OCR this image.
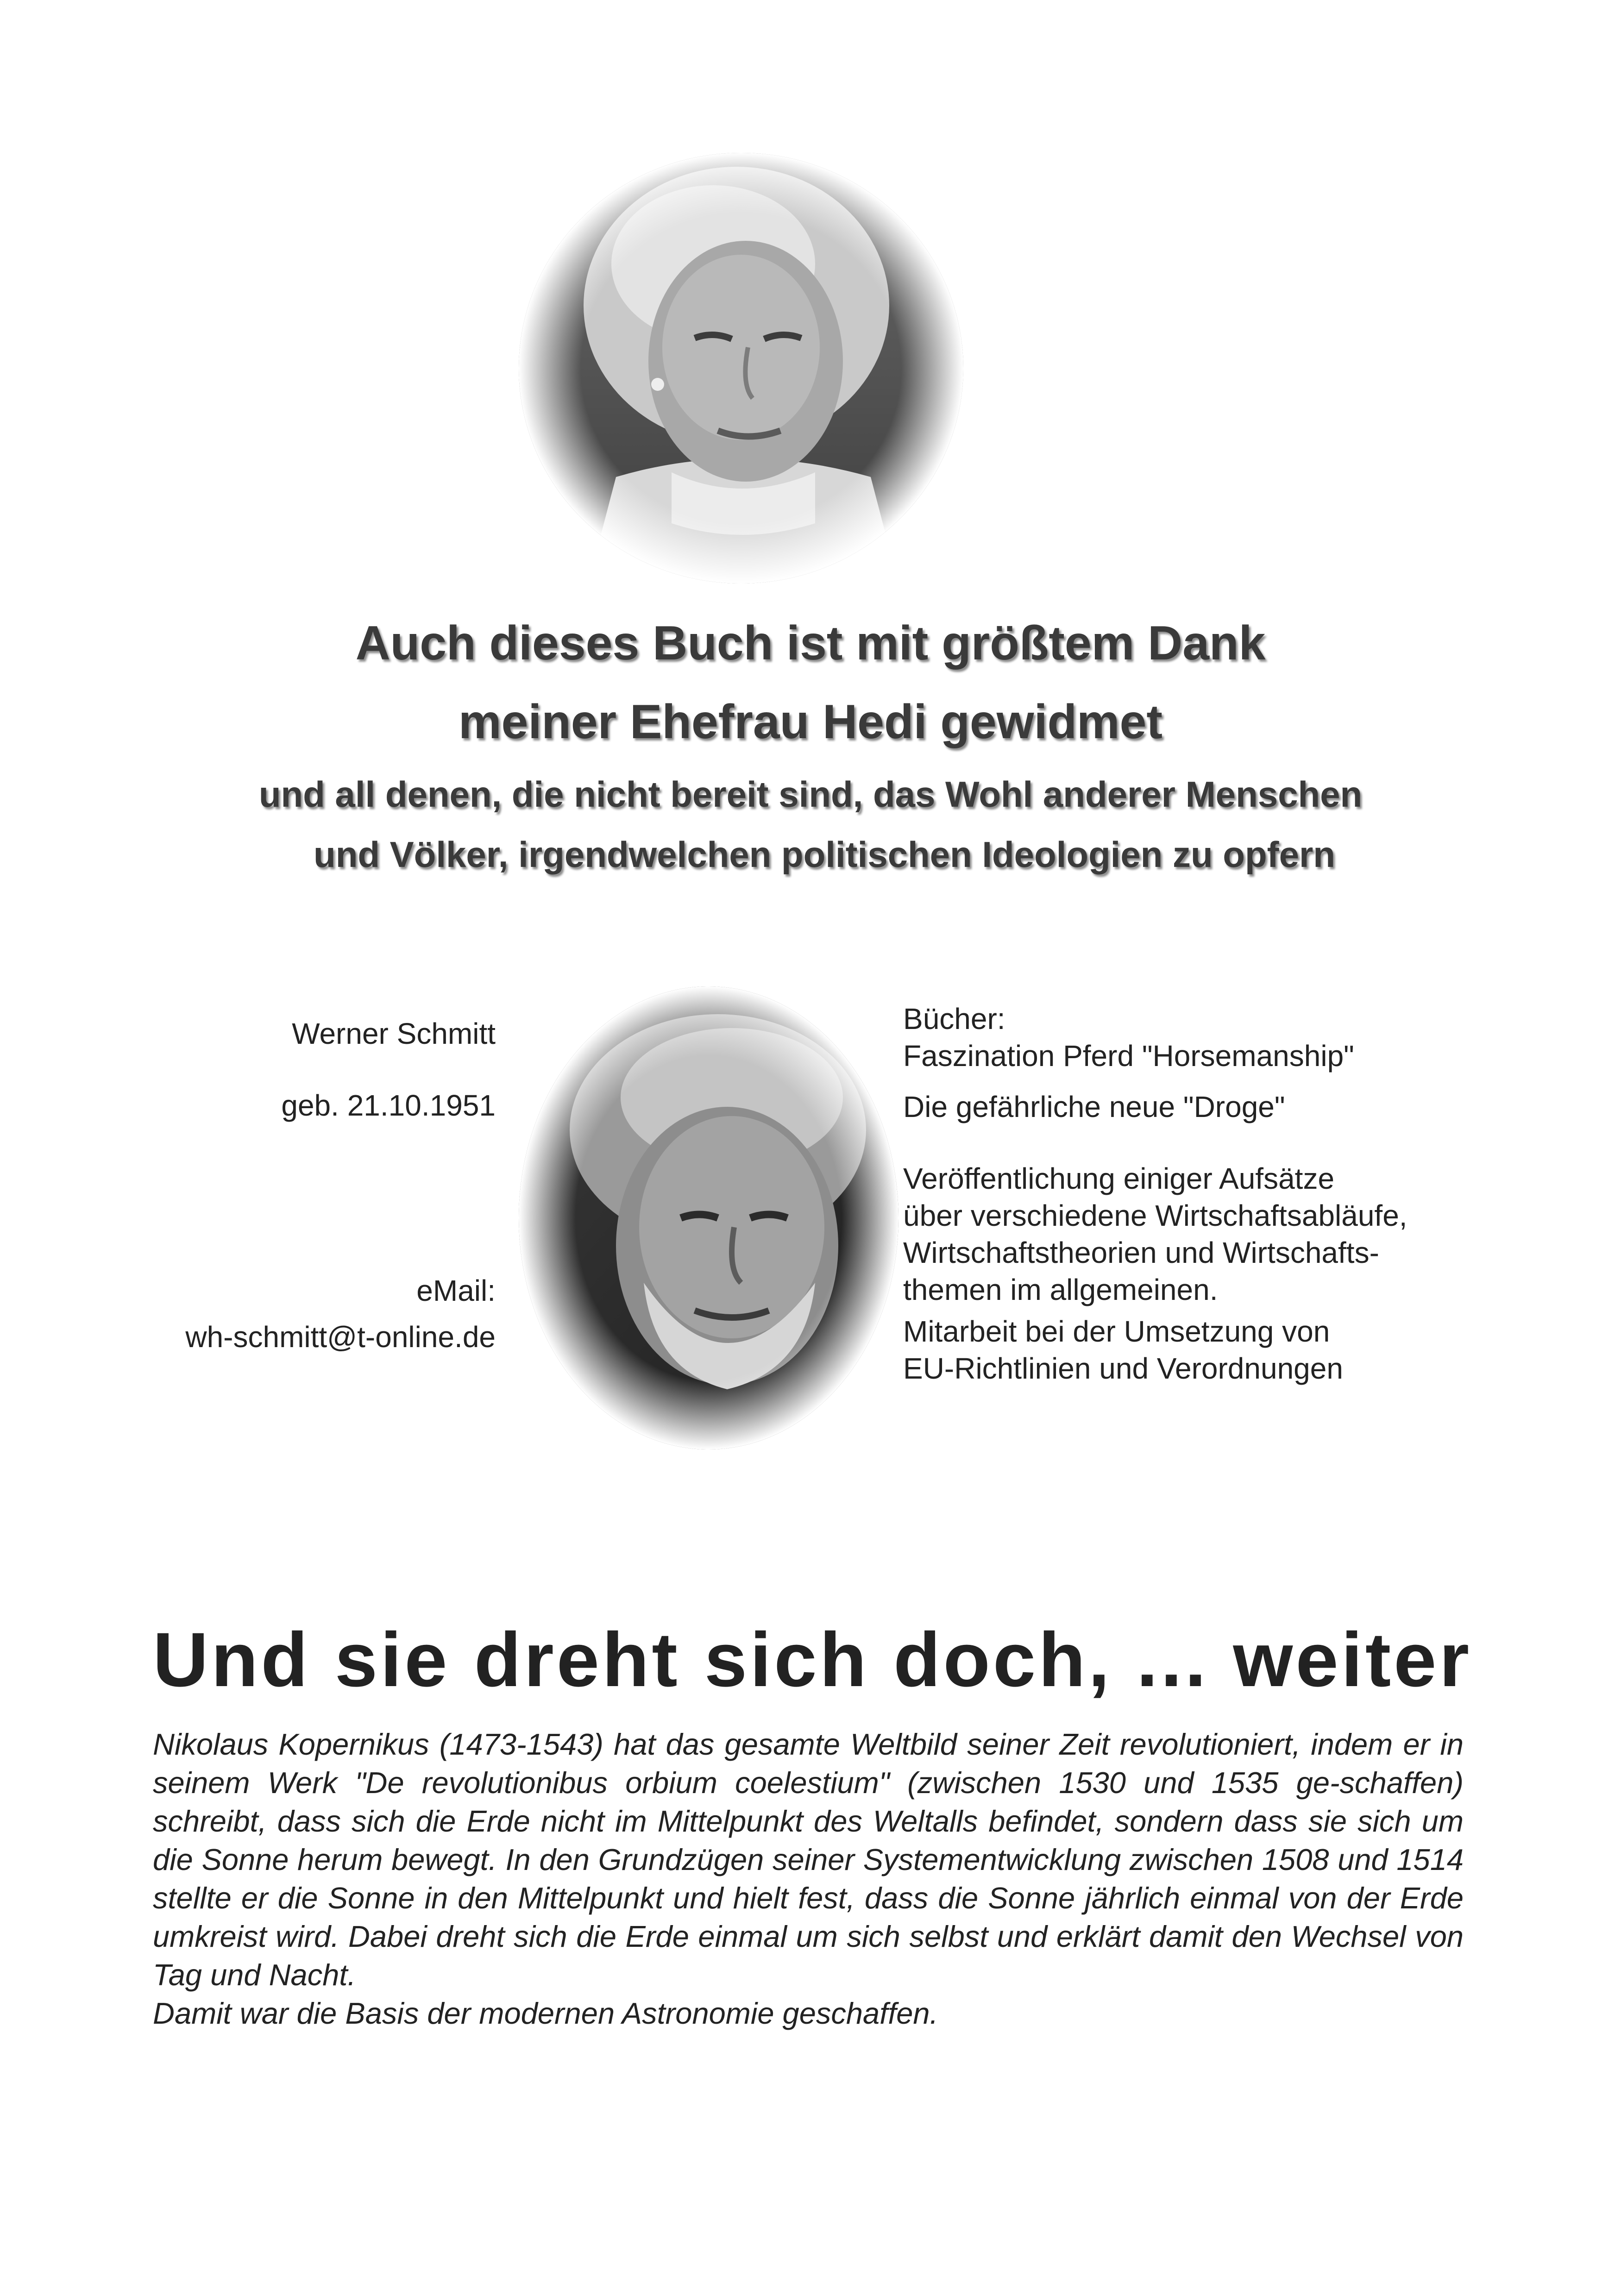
Auch dieses Buch ist mit größtem Dank
meiner Ehefrau Hedi gewidmet
und all denen, die nicht bereit sind, das Wohl anderer Menschen
und Völker, irgendwelchen politischen Ideologien zu opfern
Werner Schmitt
geb. 21.10.1951
eMail:
wh-schmitt@t-online.de
Bücher:
Faszination Pferd "Horsemanship"
Die gefährliche neue "Droge"
Veröffentlichung einiger Aufsätze
über verschiedene Wirtschaftsabläufe,
Wirtschaftstheorien und Wirtschafts-
themen im allgemeinen.
Mitarbeit bei der Umsetzung von
EU-Richtlinien und Verordnungen
Und sie dreht sich doch, ... weiter

Nikolaus Kopernikus (1473-1543) hat das gesamte Weltbild seiner Zeit revolutioniert, indem er in seinem Werk "De revolutionibus orbium coelestium" (zwischen 1530 und 1535 ge-schaffen) schreibt, dass sich die Erde nicht im Mittelpunkt des Weltalls befindet, sondern dass sie sich um die Sonne herum bewegt. In den Grundzügen seiner Systementwicklung zwischen 1508 und 1514 stellte er die Sonne in den Mittelpunkt und hielt fest, dass die Sonne jährlich einmal von der Erde umkreist wird. Dabei dreht sich die Erde einmal um sich selbst und erklärt damit den Wechsel von Tag und Nacht.

Damit war die Basis der modernen Astronomie geschaffen.
